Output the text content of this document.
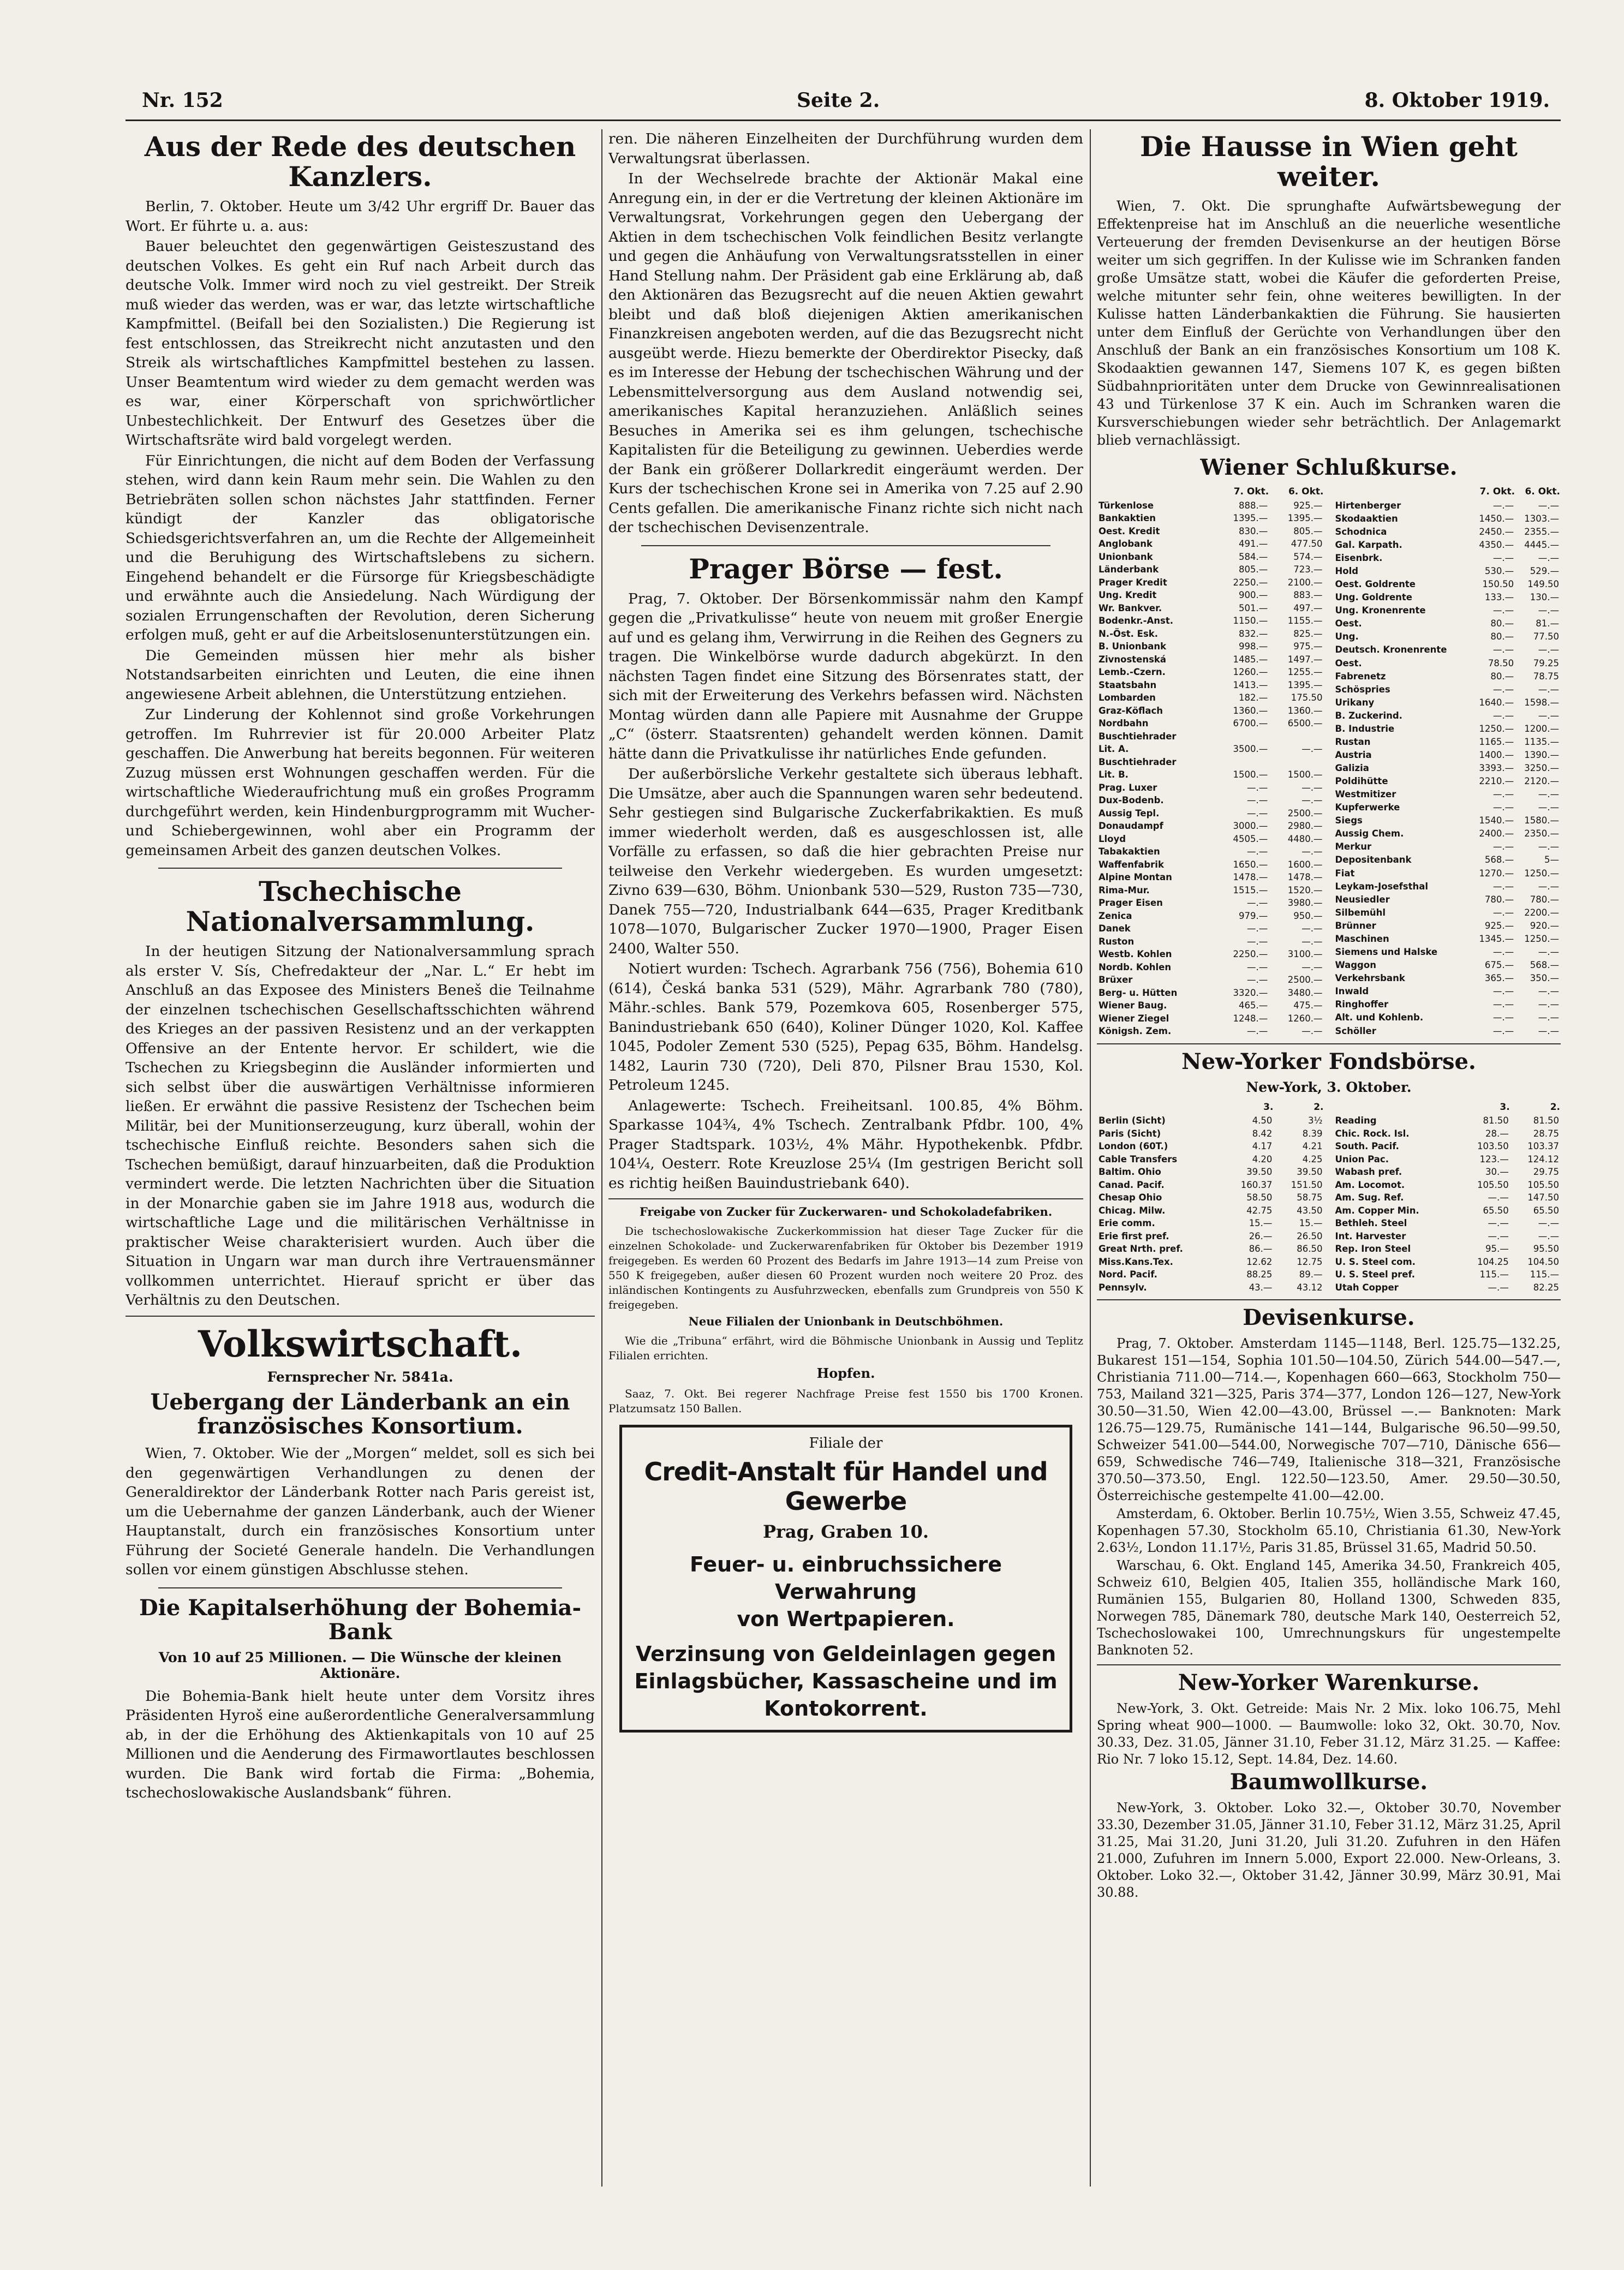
Nr. 152	Seite 2.	8. Oktober 1919.
Aus der Rede des deutschen Kanzlers.

Berlin, 7. Oktober. Heute um 3/42 Uhr ergriff Dr. Bauer das Wort. Er führte u. a. aus:

Bauer beleuchtet den gegenwärtigen Geisteszustand des deutschen Volkes. Es geht ein Ruf nach Arbeit durch das deutsche Volk. Immer wird noch zu viel gestreikt. Der Streik muß wieder das werden, was er war, das letzte wirtschaftliche Kampfmittel. (Beifall bei den Sozialisten.) Die Regierung ist fest entschlossen, das Streikrecht nicht anzutasten und den Streik als wirtschaftliches Kampfmittel bestehen zu lassen. Unser Beamtentum wird wieder zu dem gemacht werden was es war, einer Körperschaft von sprichwörtlicher Unbestechlichkeit. Der Entwurf des Gesetzes über die Wirtschaftsräte wird bald vorgelegt werden.

Für Einrichtungen, die nicht auf dem Boden der Verfassung stehen, wird dann kein Raum mehr sein. Die Wahlen zu den Betriebräten sollen schon nächstes Jahr stattfinden. Ferner kündigt der Kanzler das obligatorische Schiedsgerichtsverfahren an, um die Rechte der Allgemeinheit und die Beruhigung des Wirtschaftslebens zu sichern. Eingehend behandelt er die Fürsorge für Kriegsbeschädigte und erwähnte auch die Ansiedelung. Nach Würdigung der sozialen Errungenschaften der Revolution, deren Sicherung erfolgen muß, geht er auf die Arbeitslosenunterstützungen ein.

Die Gemeinden müssen hier mehr als bisher Notstandsarbeiten einrichten und Leuten, die eine ihnen angewiesene Arbeit ablehnen, die Unterstützung entziehen.

Zur Linderung der Kohlennot sind große Vorkehrungen getroffen. Im Ruhrrevier ist für 20.000 Arbeiter Platz geschaffen. Die Anwerbung hat bereits begonnen. Für weiteren Zuzug müssen erst Wohnungen geschaffen werden. Für die wirtschaftliche Wiederaufrichtung muß ein großes Programm durchgeführt werden, kein Hindenburgprogramm mit Wucher- und Schiebergewinnen, wohl aber ein Programm der gemeinsamen Arbeit des ganzen deutschen Volkes.

Tschechische Nationalversammlung.

In der heutigen Sitzung der Nationalversammlung sprach als erster V. Sís, Chefredakteur der „Nar. L.“ Er hebt im Anschluß an das Exposee des Ministers Beneš die Teilnahme der einzelnen tschechischen Gesellschaftsschichten während des Krieges an der passiven Resistenz und an der verkappten Offensive an der Entente hervor. Er schildert, wie die Tschechen zu Kriegsbeginn die Ausländer informierten und sich selbst über die auswärtigen Verhältnisse informieren ließen. Er erwähnt die passive Resistenz der Tschechen beim Militär, bei der Munitionserzeugung, kurz überall, wohin der tschechische Einfluß reichte. Besonders sahen sich die Tschechen bemüßigt, darauf hinzuarbeiten, daß die Produktion vermindert werde. Die letzten Nachrichten über die Situation in der Monarchie gaben sie im Jahre 1918 aus, wodurch die wirtschaftliche Lage und die militärischen Verhältnisse in praktischer Weise charakterisiert wurden. Auch über die Situation in Ungarn war man durch ihre Vertrauensmänner vollkommen unterrichtet. Hierauf spricht er über das Verhältnis zu den Deutschen.

Volkswirtschaft.
Fernsprecher Nr. 5841a.
Uebergang der Länderbank an ein französisches Konsortium.

Wien, 7. Oktober. Wie der „Morgen“ meldet, soll es sich bei den gegenwärtigen Verhandlungen zu denen der Generaldirektor der Länderbank Rotter nach Paris gereist ist, um die Uebernahme der ganzen Länderbank, auch der Wiener Hauptanstalt, durch ein französisches Konsortium unter Führung der Societé Generale handeln. Die Verhandlungen sollen vor einem günstigen Abschlusse stehen.

Die Kapitalserhöhung der Bohemia-Bank
Von 10 auf 25 Millionen. — Die Wünsche der kleinen Aktionäre.

Die Bohemia-Bank hielt heute unter dem Vorsitz ihres Präsidenten Hyroš eine außerordentliche Generalversammlung ab, in der die Erhöhung des Aktienkapitals von 10 auf 25 Millionen und die Aenderung des Firmawortlautes beschlossen wurden. Die Bank wird fortab die Firma: „Bohemia, tschechoslowakische Auslandsbank“ führen.

ren. Die näheren Einzelheiten der Durchführung wurden dem Verwaltungsrat überlassen.

In der Wechselrede brachte der Aktionär Makal eine Anregung ein, in der er die Vertretung der kleinen Aktionäre im Verwaltungsrat, Vorkehrungen gegen den Uebergang der Aktien in dem tschechischen Volk feindlichen Besitz verlangte und gegen die Anhäufung von Verwaltungsratsstellen in einer Hand Stellung nahm. Der Präsident gab eine Erklärung ab, daß den Aktionären das Bezugsrecht auf die neuen Aktien gewahrt bleibt und daß bloß diejenigen Aktien amerikanischen Finanzkreisen angeboten werden, auf die das Bezugsrecht nicht ausgeübt werde. Hiezu bemerkte der Oberdirektor Pisecky, daß es im Interesse der Hebung der tschechischen Währung und der Lebensmittelversorgung aus dem Ausland notwendig sei, amerikanisches Kapital heranzuziehen. Anläßlich seines Besuches in Amerika sei es ihm gelungen, tschechische Kapitalisten für die Beteiligung zu gewinnen. Ueberdies werde der Bank ein größerer Dollarkredit eingeräumt werden. Der Kurs der tschechischen Krone sei in Amerika von 7.25 auf 2.90 Cents gefallen. Die amerikanische Finanz richte sich nicht nach der tschechischen Devisenzentrale.

Prager Börse — fest.

Prag, 7. Oktober. Der Börsenkommissär nahm den Kampf gegen die „Privatkulisse“ heute von neuem mit großer Energie auf und es gelang ihm, Verwirrung in die Reihen des Gegners zu tragen. Die Winkelbörse wurde dadurch abgekürzt. In den nächsten Tagen findet eine Sitzung des Börsenrates statt, der sich mit der Erweiterung des Verkehrs befassen wird. Nächsten Montag würden dann alle Papiere mit Ausnahme der Gruppe „C“ (österr. Staatsrenten) gehandelt werden können. Damit hätte dann die Privatkulisse ihr natürliches Ende gefunden.

Der außerbörsliche Verkehr gestaltete sich überaus lebhaft. Die Umsätze, aber auch die Spannungen waren sehr bedeutend. Sehr gestiegen sind Bulgarische Zuckerfabrikaktien. Es muß immer wiederholt werden, daß es ausgeschlossen ist, alle Vorfälle zu erfassen, so daß die hier gebrachten Preise nur teilweise den Verkehr wiedergeben. Es wurden umgesetzt: Zivno 639—630, Böhm. Unionbank 530—529, Ruston 735—730, Danek 755—720, Industrialbank 644—635, Prager Kreditbank 1078—1070, Bulgarischer Zucker 1970—1900, Prager Eisen 2400, Walter 550.

Notiert wurden: Tschech. Agrarbank 756 (756), Bohemia 610 (614), Česká banka 531 (529), Mähr. Agrarbank 780 (780), Mähr.-schles. Bank 579, Pozemkova 605, Rosenberger 575, Banindustriebank 650 (640), Koliner Dünger 1020, Kol. Kaffee 1045, Podoler Zement 530 (525), Pepag 635, Böhm. Handelsg. 1482, Laurin 730 (720), Deli 870, Pilsner Brau 1530, Kol. Petroleum 1245.

Anlagewerte: Tschech. Freiheitsanl. 100.85, 4% Böhm. Sparkasse 104¾, 4% Tschech. Zentralbank Pfdbr. 100, 4% Prager Stadtspark. 103½, 4% Mähr. Hypothekenbk. Pfdbr. 104¼, Oesterr. Rote Kreuzlose 25¼ (Im gestrigen Bericht soll es richtig heißen Bauindustriebank 640).

Freigabe von Zucker für Zuckerwaren- und Schokoladefabriken.

Die tschechoslowakische Zuckerkommission hat dieser Tage Zucker für die einzelnen Schokolade- und Zuckerwarenfabriken für Oktober bis Dezember 1919 freigegeben. Es werden 60 Prozent des Bedarfs im Jahre 1913—14 zum Preise von 550 K freigegeben, außer diesen 60 Prozent wurden noch weitere 20 Proz. des inländischen Kontingents zu Ausfuhrzwecken, ebenfalls zum Grundpreis von 550 K freigegeben.

Neue Filialen der Unionbank in Deutschböhmen.

Wie die „Tribuna“ erfährt, wird die Böhmische Unionbank in Aussig und Teplitz Filialen errichten.

Hopfen.

Saaz, 7. Okt. Bei regerer Nachfrage Preise fest 1550 bis 1700 Kronen. Platzumsatz 150 Ballen.

Filiale der
Credit-Anstalt für Handel und Gewerbe
Prag, Graben 10.
Feuer- u. einbruchssichere Verwahrung
von Wertpapieren.
Verzinsung von Geldeinlagen gegen Einlagsbücher, Kassascheine und im Kontokorrent.
Die Hausse in Wien geht weiter.

Wien, 7. Okt. Die sprunghafte Aufwärtsbewegung der Effektenpreise hat im Anschluß an die neuerliche wesentliche Verteuerung der fremden Devisenkurse an der heutigen Börse weiter um sich gegriffen. In der Kulisse wie im Schranken fanden große Umsätze statt, wobei die Käufer die geforderten Preise, welche mitunter sehr fein, ohne weiteres bewilligten. In der Kulisse hatten Länderbankaktien die Führung. Sie hausierten unter dem Einfluß der Gerüchte von Verhandlungen über den Anschluß der Bank an ein französisches Konsortium um 108 K. Skodaaktien gewannen 147, Siemens 107 K, es gegen bißten Südbahnprioritäten unter dem Drucke von Gewinnrealisationen 43 und Türkenlose 37 K ein. Auch im Schranken waren die Kursverschiebungen wieder sehr beträchtlich. Der Anlagemarkt blieb vernachlässigt.

Wiener Schlußkurse.
	7. Okt.	6. Okt.
Türkenlose	888.—	925.—
Bankaktien	1395.—	1395.—
Oest. Kredit	830.—	805.—
Anglobank	491.—	477.50
Unionbank	584.—	574.—
Länderbank	805.—	723.—
Prager Kredit	2250.—	2100.—
Ung. Kredit	900.—	883.—
Wr. Bankver.	501.—	497.—
Bodenkr.-Anst.	1150.—	1155.—
N.-Öst. Esk.	832.—	825.—
B. Unionbank	998.—	975.—
Zivnostenská	1485.—	1497.—
Lemb.-Czern.	1260.—	1255.—
Staatsbahn	1413.—	1395.—
Lombarden	182.—	175.50
Graz-Köflach	1360.—	1360.—
Nordbahn	6700.—	6500.—
Buschtiehrader		
Lit. A.	3500.—	—.—
Buschtiehrader		
Lit. B.	1500.—	1500.—
Prag. Luxer	—.—	—.—
Dux-Bodenb.	—.—	—.—
Aussig Tepl.	—.—	2500.—
Donaudampf	3000.—	2980.—
Lloyd	4505.—	4480.—
Tabakaktien	—.—	—.—
Waffenfabrik	1650.—	1600.—
Alpine Montan	1478.—	1478.—
Rima-Mur.	1515.—	1520.—
Prager Eisen	—.—	3980.—
Zenica	979.—	950.—
Danek	—.—	—.—
Ruston	—.—	—.—
Westb. Kohlen	2250.—	3100.—
Nordb. Kohlen	—.—	—.—
Brüxer	—.—	2500.—
Berg- u. Hütten	3320.—	3480.—
Wiener Baug.	465.—	475.—
Wiener Ziegel	1248.—	1260.—
Königsh. Zem.	—.—	—.—
	7. Okt.	6. Okt.
Hirtenberger	—.—	—.—
Skodaaktien	1450.—	1303.—
Schodnica	2450.—	2355.—
Gal. Karpath.	4350.—	4445.—
Eisenbrk.	—.—	—.—
Hold	530.—	529.—
Oest. Goldrente	150.50	149.50
Ung. Goldrente	133.—	130.—
Ung. Kronenrente	—.—	—.—
Oest.	80.—	81.—
Ung.	80.—	77.50
Deutsch. Kronenrente	—.—	—.—
Oest.	78.50	79.25
Fabrenetz	80.—	78.75
Schöspries	—.—	—.—
Urikany	1640.—	1598.—
B. Zuckerind.	—.—	—.—
B. Industrie	1250.—	1200.—
Rustan	1165.—	1135.—
Austria	1400.—	1390.—
Galizia	3393.—	3250.—
Poldihütte	2210.—	2120.—
Westmitizer	—.—	—.—
Kupferwerke	—.—	—.—
Siegs	1540.—	1580.—
Aussig Chem.	2400.—	2350.—
Merkur	—.—	—.—
Depositenbank	568.—	5—
Fiat	1270.—	1250.—
Leykam-Josefsthal	—.—	—.—
Neusiedler	780.—	780.—
Silbemühl	—.—	2200.—
Brünner	925.—	920.—
Maschinen	1345.—	1250.—
Siemens und Halske	—.—	—.—
Waggon	675.—	568.—
Verkehrsbank	365.—	350.—
Inwald	—.—	—.—
Ringhoffer	—.—	—.—
Alt. und Kohlenb.	—.—	—.—
Schöller	—.—	—.—
New-Yorker Fondsbörse.
New-York, 3. Oktober.
	3.	2.
Berlin (Sicht)	4.50	3½
Paris (Sicht)	8.42	8.39
London (60T.)	4.17	4.21
Cable Transfers	4.20	4.25
Baltim. Ohio	39.50	39.50
Canad. Pacif.	160.37	151.50
Chesap Ohio	58.50	58.75
Chicag. Milw.	42.75	43.50
Erie comm.	15.—	15.—
Erie first pref.	26.—	26.50
Great Nrth. pref.	86.—	86.50
Miss.Kans.Tex.	12.62	12.75
Nord. Pacif.	88.25	89.—
Pennsylv.	43.—	43.12
	3.	2.
Reading	81.50	81.50
Chic. Rock. Isl.	28.—	28.75
South. Pacif.	103.50	103.37
Union Pac.	123.—	124.12
Wabash pref.	30.—	29.75
Am. Locomot.	105.50	105.50
Am. Sug. Ref.	—.—	147.50
Am. Copper Min.	65.50	65.50
Bethleh. Steel	—.—	—.—
Int. Harvester	—.—	—.—
Rep. Iron Steel	95.—	95.50
U. S. Steel com.	104.25	104.50
U. S. Steel pref.	115.—	115.—
Utah Copper	—.—	82.25
Devisenkurse.

Prag, 7. Oktober. Amsterdam 1145—1148, Berl. 125.75—132.25, Bukarest 151—154, Sophia 101.50—104.50, Zürich 544.00—547.—, Christiania 711.00—714.—, Kopenhagen 660—663, Stockholm 750—753, Mailand 321—325, Paris 374—377, London 126—127, New-York 30.50—31.50, Wien 42.00—43.00, Brüssel —.— Banknoten: Mark 126.75—129.75, Rumänische 141—144, Bulgarische 96.50—99.50, Schweizer 541.00—544.00, Norwegische 707—710, Dänische 656—659, Schwedische 746—749, Italienische 318—321, Französische 370.50—373.50, Engl. 122.50—123.50, Amer. 29.50—30.50, Österreichische gestempelte 41.00—42.00.

Amsterdam, 6. Oktober. Berlin 10.75½, Wien 3.55, Schweiz 47.45, Kopenhagen 57.30, Stockholm 65.10, Christiania 61.30, New-York 2.63½, London 11.17½, Paris 31.85, Brüssel 31.65, Madrid 50.50.

Warschau, 6. Okt. England 145, Amerika 34.50, Frankreich 405, Schweiz 610, Belgien 405, Italien 355, holländische Mark 160, Rumänien 155, Bulgarien 80, Holland 1300, Schweden 835, Norwegen 785, Dänemark 780, deutsche Mark 140, Oesterreich 52, Tschechoslowakei 100, Umrechnungskurs für ungestempelte Banknoten 52.

New-Yorker Warenkurse.

New-York, 3. Okt. Getreide: Mais Nr. 2 Mix. loko 106.75, Mehl Spring wheat 900—1000. — Baumwolle: loko 32, Okt. 30.70, Nov. 30.33, Dez. 31.05, Jänner 31.10, Feber 31.12, März 31.25. — Kaffee: Rio Nr. 7 loko 15.12, Sept. 14.84, Dez. 14.60.

Baumwollkurse.

New-York, 3. Oktober. Loko 32.—, Oktober 30.70, November 33.30, Dezember 31.05, Jänner 31.10, Feber 31.12, März 31.25, April 31.25, Mai 31.20, Juni 31.20, Juli 31.20. Zufuhren in den Häfen 21.000, Zufuhren im Innern 5.000, Export 22.000. New-Orleans, 3. Oktober. Loko 32.—, Oktober 31.42, Jänner 30.99, März 30.91, Mai 30.88.
